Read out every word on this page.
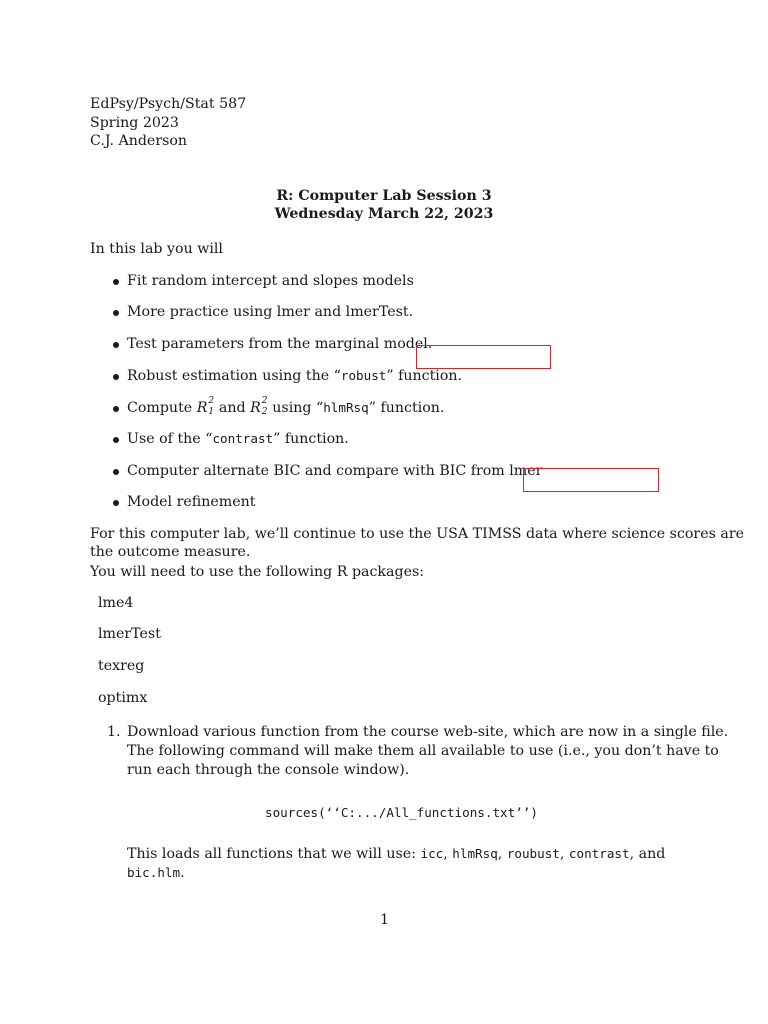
EdPsy/Psych/Stat 587
Spring 2023
C.J. Anderson
R: Computer Lab Session 3
Wednesday March 22, 2023
In this lab you will
Fit random intercept and slopes models
More practice using lmer and lmerTest.
Test parameters from the marginal model.
Robust estimation using the “robust” function.
Compute R 2
1 and R 2
2 using “hlmRsq” function.
Use of the “contrast” function.
Computer alternate BIC and compare with BIC from lmer
Model refinement
For this computer lab, we’ll continue to use the USA TIMSS data where science scores are
the outcome measure.
You will need to use the following R packages:
lme4
lmerTest
texreg
optimx
1. Download various function from the course web-site, which are now in a single file.
The following command will make them all available to use (i.e., you don’t have to
run each through the console window).
sources(‘‘C:.../All_functions.txt’’)
This loads all functions that we will use: icc, hlmRsq, roubust, contrast, and
bic.hlm.
1
